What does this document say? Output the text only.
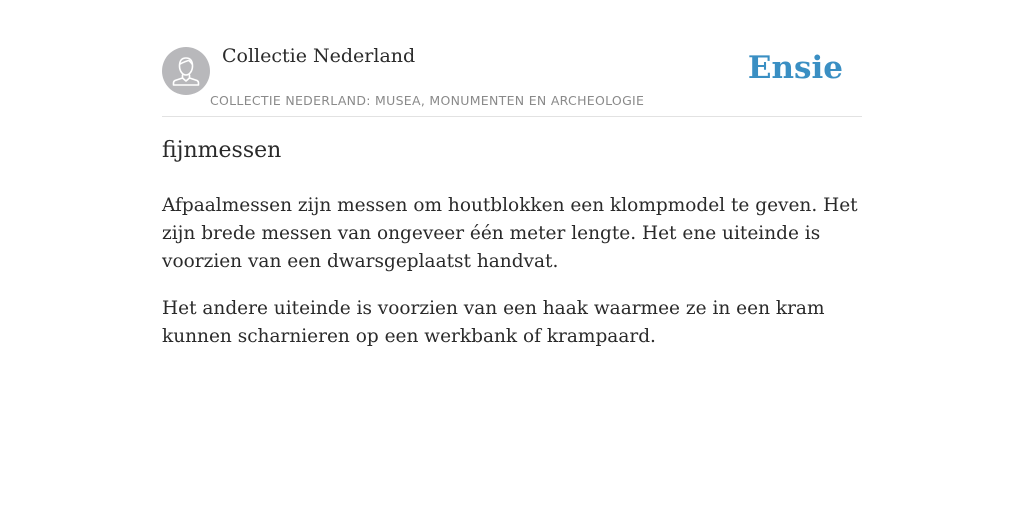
Collectie Nederland
COLLECTIE NEDERLAND: MUSEA, MONUMENTEN EN ARCHEOLOGIE
Ensie
fijnmessen

Afpaalmessen zijn messen om houtblokken een klompmodel te geven. Het zijn brede messen van ongeveer één meter lengte. Het ene uiteinde is voorzien van een dwarsgeplaatst handvat.

Het andere uiteinde is voorzien van een haak waarmee ze in een kram kunnen scharnieren op een werkbank of krampaard.
